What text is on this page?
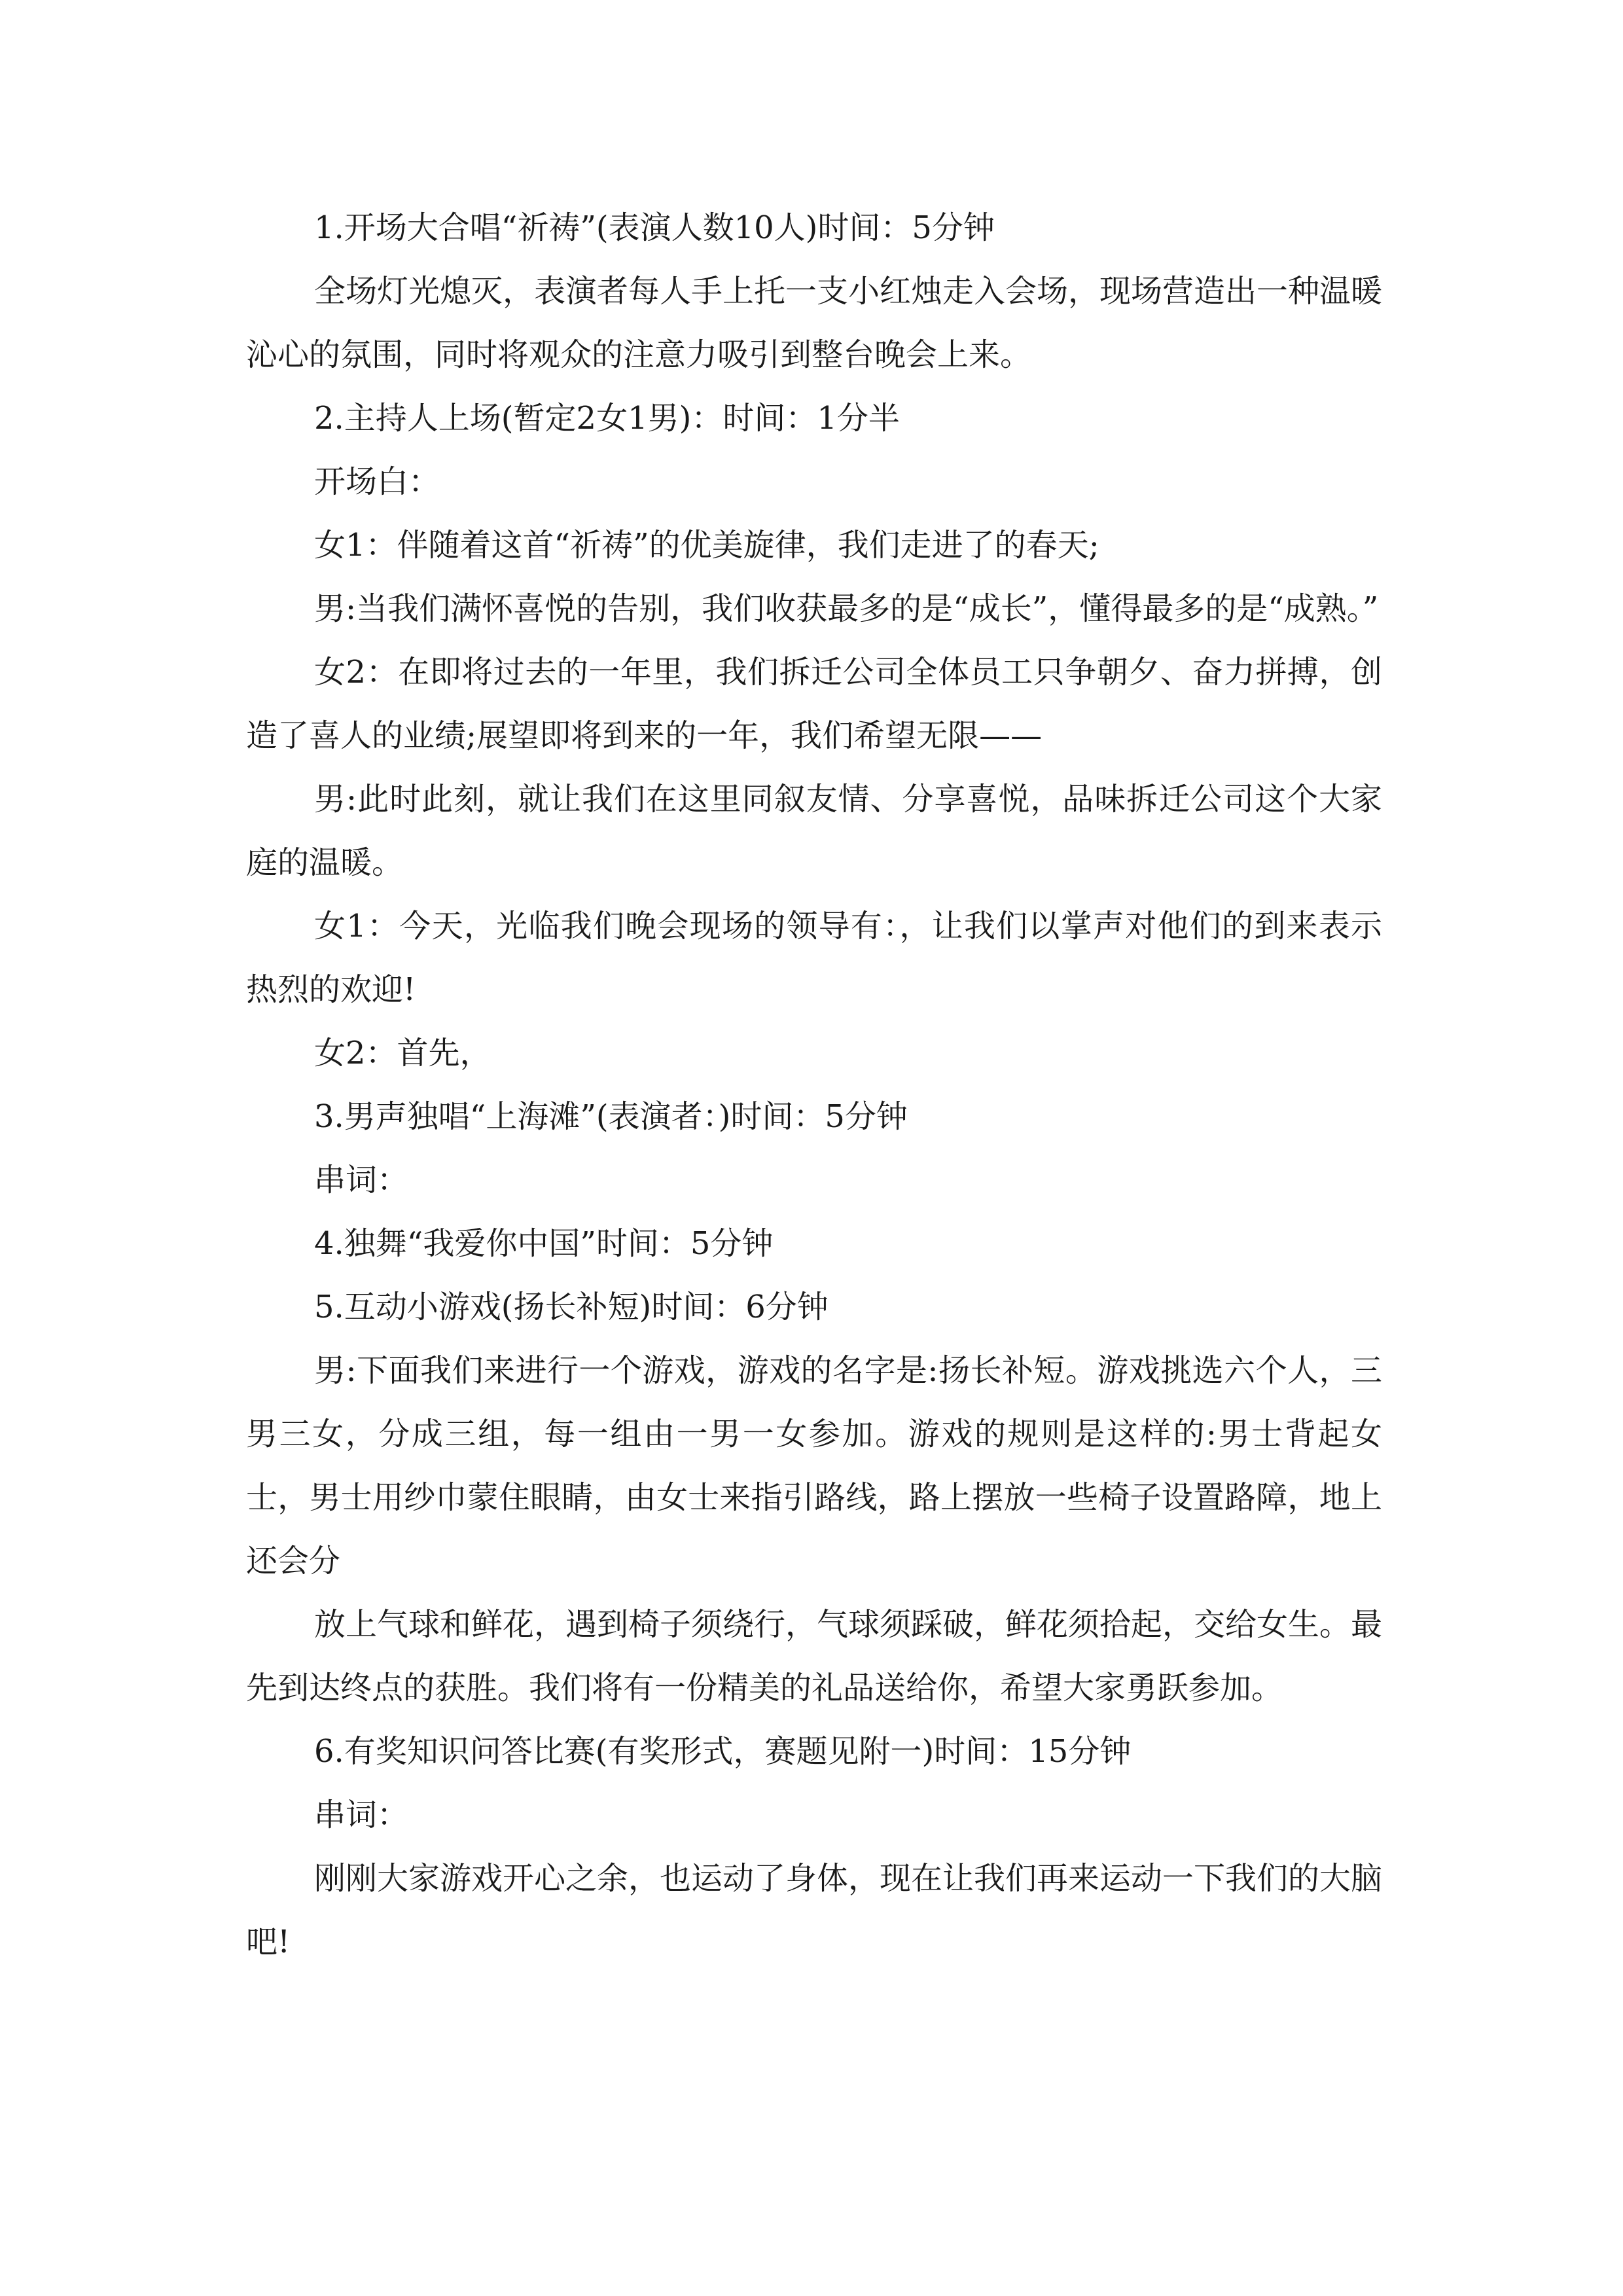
1.开场大合唱“祈祷”(表演人数10人)时间：5分钟

全场灯光熄灭，表演者每人手上托一支小红烛走入会场，现场营造出一种温暖沁心的氛围，同时将观众的注意力吸引到整台晚会上来。

2.主持人上场(暂定2女1男)：时间：1分半

开场白：

女1：伴随着这首“祈祷”的优美旋律，我们走进了的春天;

男:当我们满怀喜悦的告别，我们收获最多的是“成长”，懂得最多的是“成熟。”

女2：在即将过去的一年里，我们拆迁公司全体员工只争朝夕、奋力拼搏，创造了喜人的业绩;展望即将到来的一年，我们希望无限——

男:此时此刻，就让我们在这里同叙友情、分享喜悦，品味拆迁公司这个大家庭的温暖。

女1：今天，光临我们晚会现场的领导有：，让我们以掌声对他们的到来表示热烈的欢迎!

女2：首先，

3.男声独唱“上海滩”(表演者：)时间：5分钟

串词：

4.独舞“我爱你中国”时间：5分钟

5.互动小游戏(扬长补短)时间：6分钟

男:下面我们来进行一个游戏，游戏的名字是:扬长补短。游戏挑选六个人，三男三女，分成三组，每一组由一男一女参加。游戏的规则是这样的:男士背起女士，男士用纱巾蒙住眼睛，由女士来指引路线，路上摆放一些椅子设置路障，地上还会分

放上气球和鲜花，遇到椅子须绕行，气球须踩破，鲜花须拾起，交给女生。最先到达终点的获胜。我们将有一份精美的礼品送给你，希望大家勇跃参加。

6.有奖知识问答比赛(有奖形式，赛题见附一)时间：15分钟

串词：

刚刚大家游戏开心之余，也运动了身体，现在让我们再来运动一下我们的大脑吧!
